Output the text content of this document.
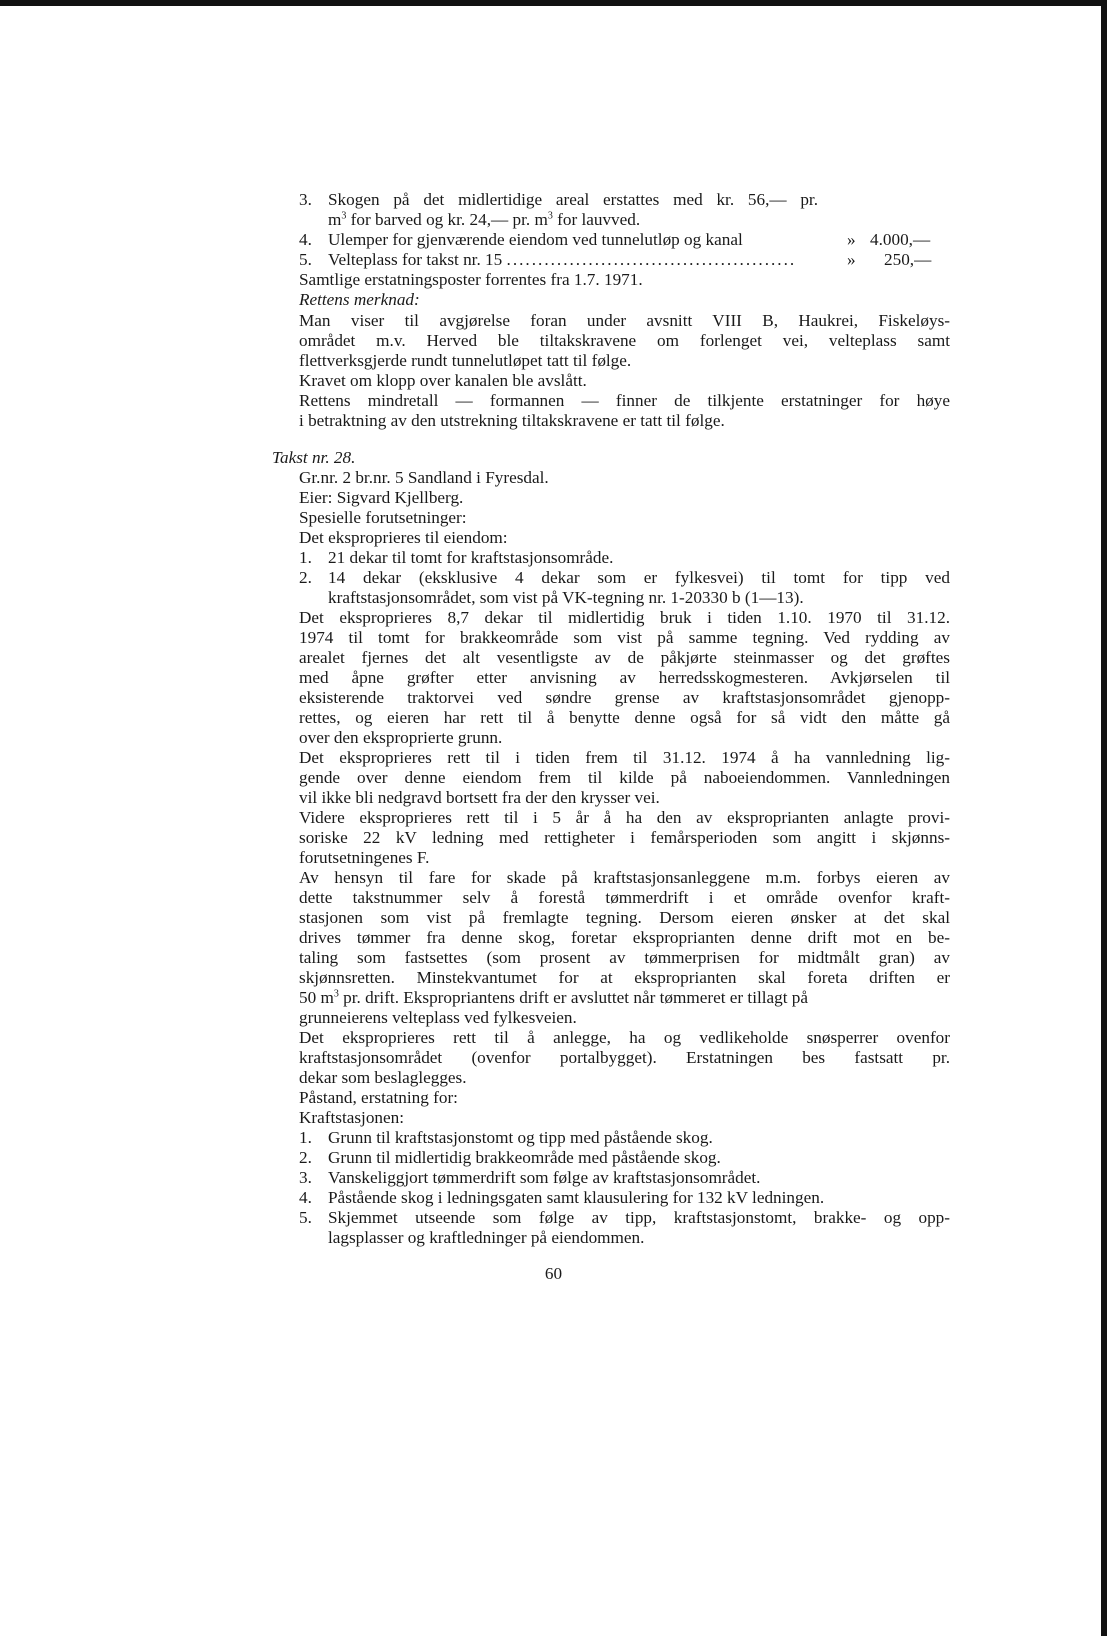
3. Skogen på det midlertidige areal erstattes med kr. 56,— pr.
$m^3$ for barved og kr. 24,— pr. $m^3$ for lauvved.
4. Ulemper for gjenværende eiendom ved tunnelutløp og kanal	» 4.000,—
5. Velteplass for takst nr. 15
..............................................	» 250,—
Samtlige erstatningsposter forrentes fra 1.7. 1971.
Rettens merknad:
Man viser til avgjørelse foran under avsnitt VIII B, Haukrei, Fiskeløys-
området m.v. Herved ble tiltakskravene om forlenget vei, velteplass samt
flettverksgjerde rundt tunnelutløpet tatt til følge.
Kravet om klopp over kanalen ble avslått.
Rettens mindretall — formannen — finner de tilkjente erstatninger for høye
i betraktning av den utstrekning tiltakskravene er tatt til følge.
Takst nr. 28.
Gr.nr. 2 br.nr. 5 Sandland i Fyresdal.
Eier: Sigvard Kjellberg.
Spesielle forutsetninger:
Det eksproprieres til eiendom:
1. 21 dekar til tomt for kraftstasjonsområde.
2. 14 dekar (eksklusive 4 dekar som er fylkesvei) til tomt for tipp ved
kraftstasjonsområdet, som vist på VK-tegning nr. 1-20330 b (1—13).
Det eksproprieres 8,7 dekar til midlertidig bruk i tiden 1.10. 1970 til 31.12.
1974 til tomt for brakkeområde som vist på samme tegning. Ved rydding av
arealet fjernes det alt vesentligste av de påkjørte steinmasser og det grøftes
med åpne grøfter etter anvisning av herredsskogmesteren. Avkjørselen til
eksisterende traktorvei ved søndre grense av kraftstasjonsområdet gjenopp-
rettes, og eieren har rett til å benytte denne også for så vidt den måtte gå
over den eksproprierte grunn.
Det eksproprieres rett til i tiden frem til 31.12. 1974 å ha vannledning lig-
gende over denne eiendom frem til kilde på naboeiendommen. Vannledningen
vil ikke bli nedgravd bortsett fra der den krysser vei.
Videre eksproprieres rett til i 5 år å ha den av eksproprianten anlagte provi-
soriske 22 kV ledning med rettigheter i femårsperioden som angitt i skjønns-
forutsetningenes F.
Av hensyn til fare for skade på kraftstasjonsanleggene m.m. forbys eieren av
dette takstnummer selv å forestå tømmerdrift i et område ovenfor kraft-
stasjonen som vist på fremlagte tegning. Dersom eieren ønsker at det skal
drives tømmer fra denne skog, foretar eksproprianten denne drift mot en be-
taling som fastsettes (som prosent av tømmerprisen for midtmålt gran) av
skjønnsretten. Minstekvantumet for at eksproprianten skal foreta driften er
50 $m^3$ pr. drift. Ekspropriantens drift er avsluttet når tømmeret er tillagt på
grunneierens velteplass ved fylkesveien.
Det eksproprieres rett til å anlegge, ha og vedlikeholde snøsperrer ovenfor
kraftstasjonsområdet (ovenfor portalbygget). Erstatningen bes fastsatt pr.
dekar som beslaglegges.
Påstand, erstatning for:
Kraftstasjonen:
1. Grunn til kraftstasjonstomt og tipp med påstående skog.
2. Grunn til midlertidig brakkeområde med påstående skog.
3. Vanskeliggjort tømmerdrift som følge av kraftstasjonsområdet.
4. Påstående skog i ledningsgaten samt klausulering for 132 kV ledningen.
5. Skjemmet utseende som følge av tipp, kraftstasjonstomt, brakke- og opp-
lagsplasser og kraftledninger på eiendommen.
60
